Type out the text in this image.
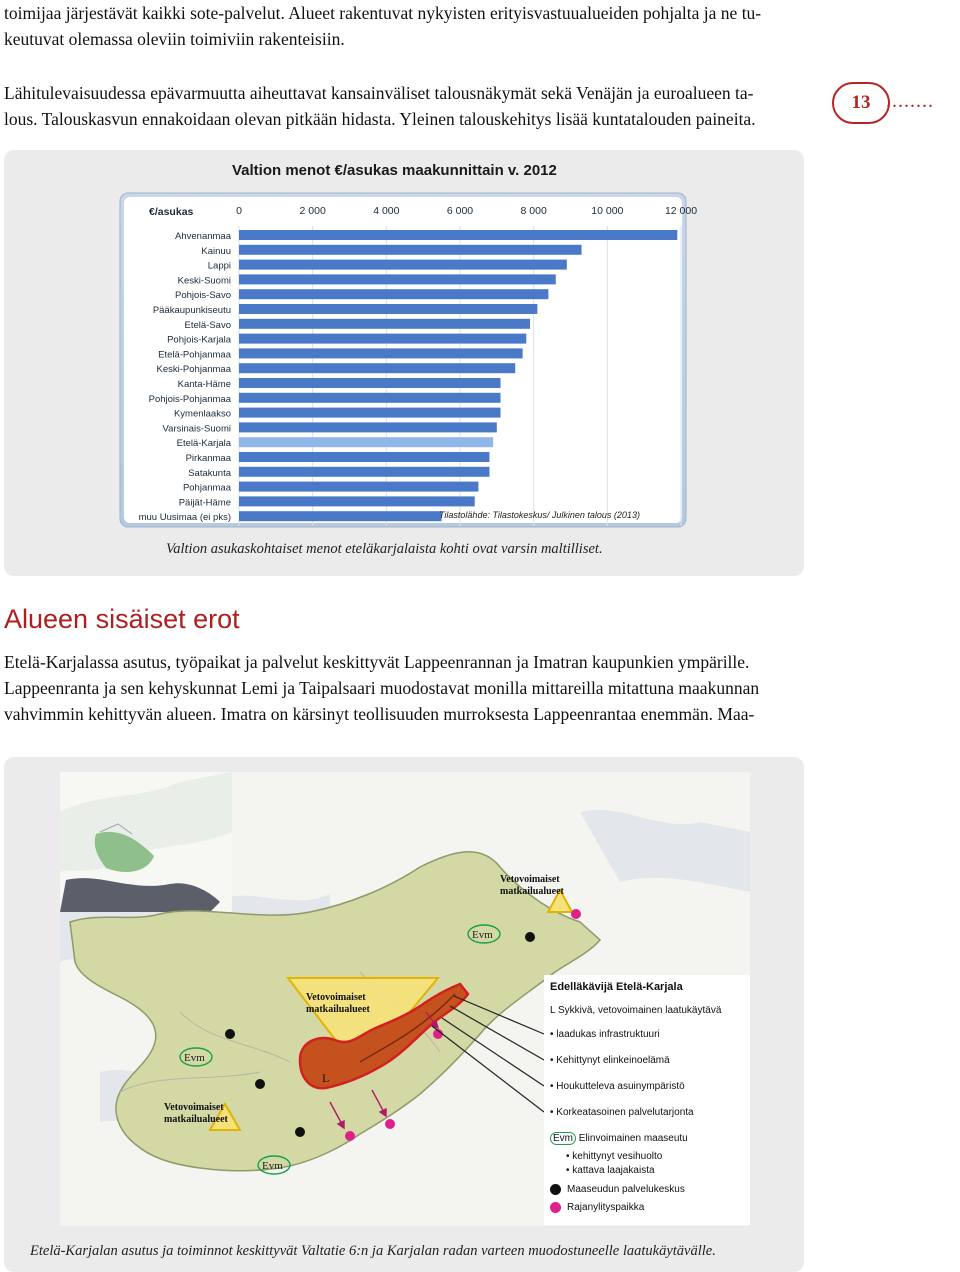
toimijaa järjestävät kaikki sote-palvelut. Alueet rakentuvat nykyisten erityisvastuualueiden pohjalta ja ne tu-

keutuvat olemassa oleviin toimiviin rakenteisiin.

Lähitulevaisuudessa epävarmuutta aiheuttavat kansainväliset talousnäkymät sekä Venäjän ja euroalueen ta-

lous. Talouskasvun ennakoidaan olevan pitkään hidasta. Yleinen talouskehitys lisää kuntatalouden paineita.

13 ........
Valtion menot €/asukas maakunnittain v. 2012
0	2 000	4 000	6 000	8 000	10 000	12 000
Ahvenanmaa
Kainuu
Lappi
Keski-Suomi
Pohjois-Savo
Pääkaupunkiseutu
Etelä-Savo
Pohjois-Karjala
Etelä-Pohjanmaa
Keski-Pohjanmaa
Kanta-Häme
Pohjois-Pohjanmaa
Kymenlaakso
Varsinais-Suomi
Etelä-Karjala
Pirkanmaa
Satakunta
Pohjanmaa
Päijät-Häme
muu Uusimaa (ei pks)
€/asukas
Tilastolähde: Tilastokeskus/ Julkinen talous (2013)
Valtion asukaskohtaiset menot eteläkarjalaista kohti ovat varsin maltilliset.
Alueen sisäiset erot

Etelä-Karjalassa asutus, työpaikat ja palvelut keskittyvät Lappeenrannan ja Imatran kaupunkien ympärille.

Lappeenranta ja sen kehyskunnat Lemi ja Taipalsaari muodostavat monilla mittareilla mitattuna maakunnan

vahvimmin kehittyvän alueen. Imatra on kärsinyt teollisuuden murroksesta Lappeenrantaa enemmän. Maa-

Vetovoimaiset
matkailualueet
Vetovoimaiset
matkailualueet
Vetovoimaiset
matkailualueet
Evm
Evm
Evm
L
Edelläkävijä Etelä-Karjala
L Sykkivä, vetovoimainen laatukäytävä
• laadukas infrastruktuuri
• Kehittynyt elinkeinoelämä
• Houkutteleva asuinympäristö
• Korkeatasoinen palvelutarjonta
Evm Elinvoimainen maaseutu
• kehittynyt vesihuolto
• kattava laajakaista
Maaseudun palvelukeskus
Rajanylityspaikka
Etelä-Karjalan asutus ja toiminnot keskittyvät Valtatie 6:n ja Karjalan radan varteen muodostuneelle laatukäytävälle.
